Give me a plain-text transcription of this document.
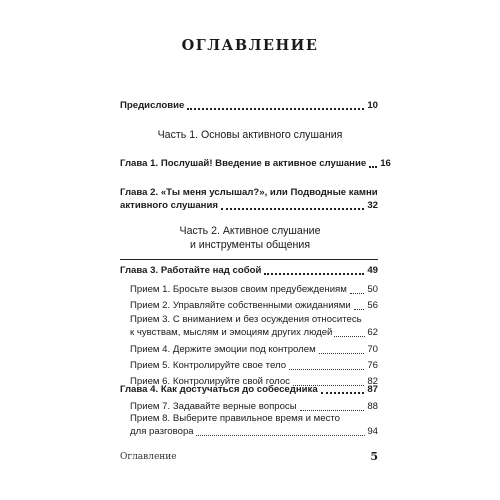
ОГЛАВЛЕНИЕ
Предисловие	10
Часть 1. Основы активного слушания
Глава 1. Послушай! Введение в активное слушание 16
Глава 2. «Ты меня услышал?», или Подводные камни
активного слушания	32
Часть 2. Активное слушание
и инструменты общения
Глава 3. Работайте над собой	49
Прием 1. Бросьте вызов своим предубеждениям 50
Прием 2. Управляйте собственными ожиданиями 56
Прием 3. С вниманием и без осуждения относитесь
к чувствам, мыслям и эмоциям других людей	62
Прием 4. Держите эмоции под контролем	70
Прием 5. Контролируйте свое тело	76
Прием 6. Контролируйте свой голос	82
Глава 4. Как достучаться до собеседника	87
Прием 7. Задавайте верные вопросы	88
Прием 8. Выберите правильное время и место
для разговора	94
Оглавление	5
